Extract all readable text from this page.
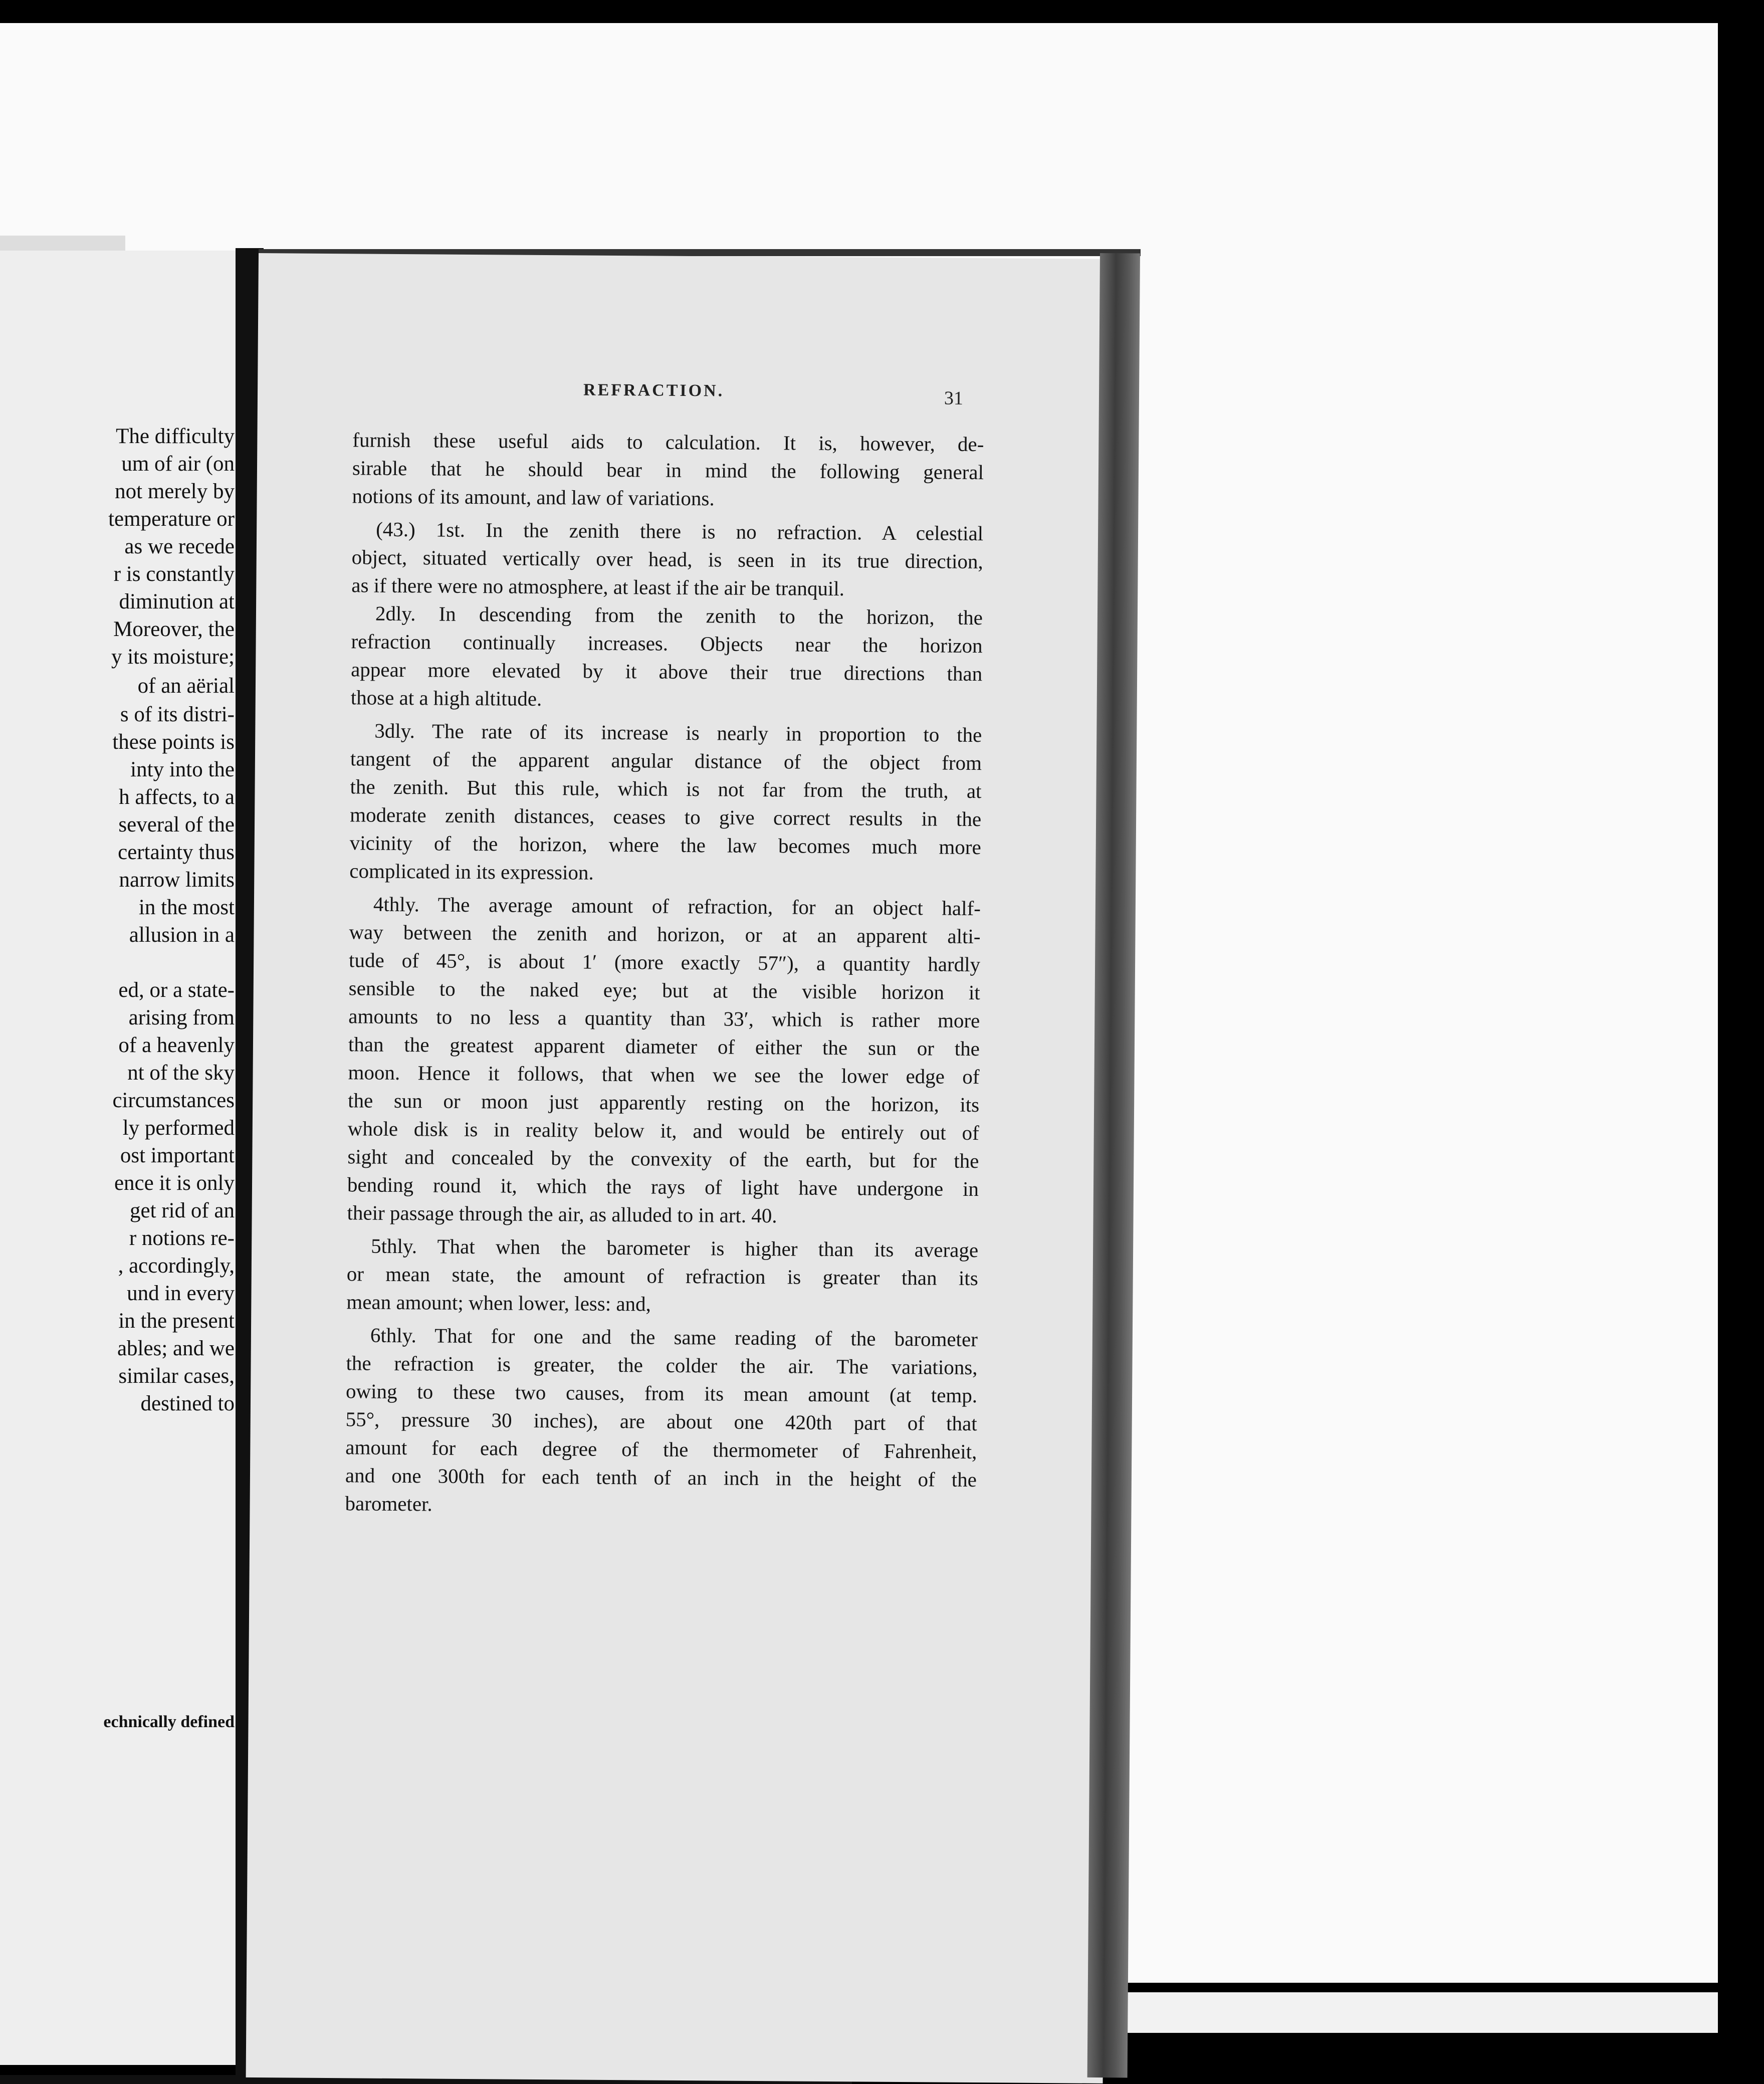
The difficulty
um of air (on
not merely by
temperature or
as we recede
r is constantly
diminution at
Moreover, the
y its moisture;
of an aërial
s of its distri-
these points is
inty into the
h affects, to a
several of the
certainty thus
narrow limits
in the most
allusion in a
ed, or a state-
arising from
of a heavenly
nt of the sky
circumstances
ly performed
ost important
ence it is only
get rid of an
r notions re-
, accordingly,
und in every
in the present
ables; and we
similar cases,
destined to
echnically defined
REFRACTION.	31
furnish these useful aids to calculation. It is, however, de-
sirable that he should bear in mind the following general
notions of its amount, and law of variations.
(43.) 1st. In the zenith there is no refraction. A celestial
object, situated vertically over head, is seen in its true direction,
as if there were no atmosphere, at least if the air be tranquil.
2dly. In descending from the zenith to the horizon, the
refraction continually increases. Objects near the horizon
appear more elevated by it above their true directions than
those at a high altitude.
3dly. The rate of its increase is nearly in proportion to the
tangent of the apparent angular distance of the object from
the zenith. But this rule, which is not far from the truth, at
moderate zenith distances, ceases to give correct results in the
vicinity of the horizon, where the law becomes much more
complicated in its expression.
4thly. The average amount of refraction, for an object half-
way between the zenith and horizon, or at an apparent alti-
tude of 45°, is about 1′ (more exactly 57″), a quantity hardly
sensible to the naked eye; but at the visible horizon it
amounts to no less a quantity than 33′, which is rather more
than the greatest apparent diameter of either the sun or the
moon. Hence it follows, that when we see the lower edge of
the sun or moon just apparently resting on the horizon, its
whole disk is in reality below it, and would be entirely out of
sight and concealed by the convexity of the earth, but for the
bending round it, which the rays of light have undergone in
their passage through the air, as alluded to in art. 40.
5thly. That when the barometer is higher than its average
or mean state, the amount of refraction is greater than its
mean amount; when lower, less: and,
6thly. That for one and the same reading of the barometer
the refraction is greater, the colder the air. The variations,
owing to these two causes, from its mean amount (at temp.
55°, pressure 30 inches), are about one 420th part of that
amount for each degree of the thermometer of Fahrenheit,
and one 300th for each tenth of an inch in the height of the
barometer.
